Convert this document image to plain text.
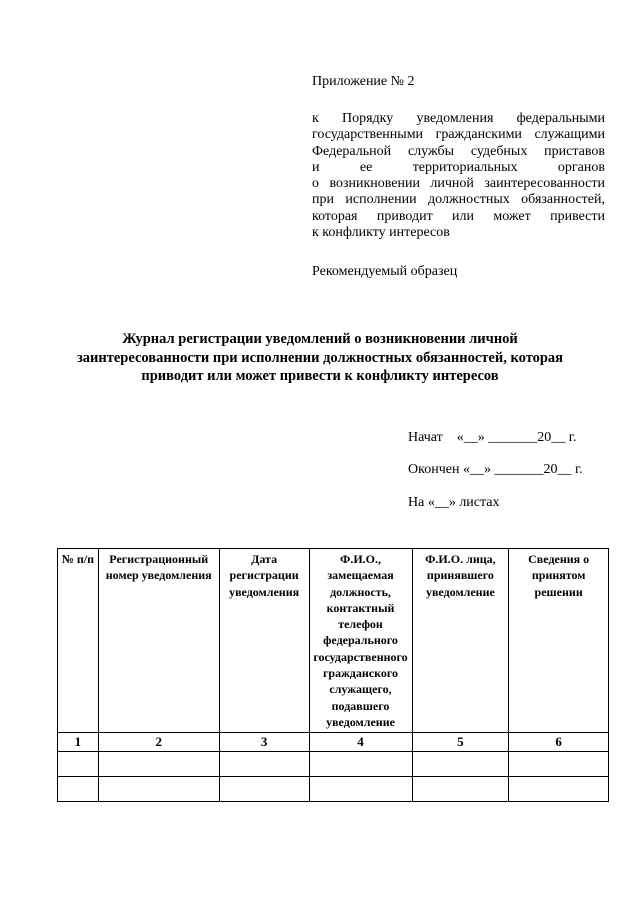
Приложение № 2
к Порядку уведомления федеральными
государственными гражданскими служащими
Федеральной службы судебных приставов
и ее территориальных органов
о возникновении личной заинтересованности
при исполнении должностных обязанностей,
которая приводит или может привести
к конфликту интересов
Рекомендуемый образец
Журнал регистрации уведомлений о возникновении личной
заинтересованности при исполнении должностных обязанностей, которая
приводит или может привести к конфликту интересов
Начат    «__» _______20__ г.
Окончен «__» _______20__ г.
На «__» листах
№ п/п	Регистрационный номер уведомления	Дата регистрации уведомления	Ф.И.О., замещаемая должность, контактный телефон федерального государственного гражданского служащего, подавшего уведомление	Ф.И.О. лица, принявшего уведомление	Сведения о принятом решении
1	2	3	4	5	6
